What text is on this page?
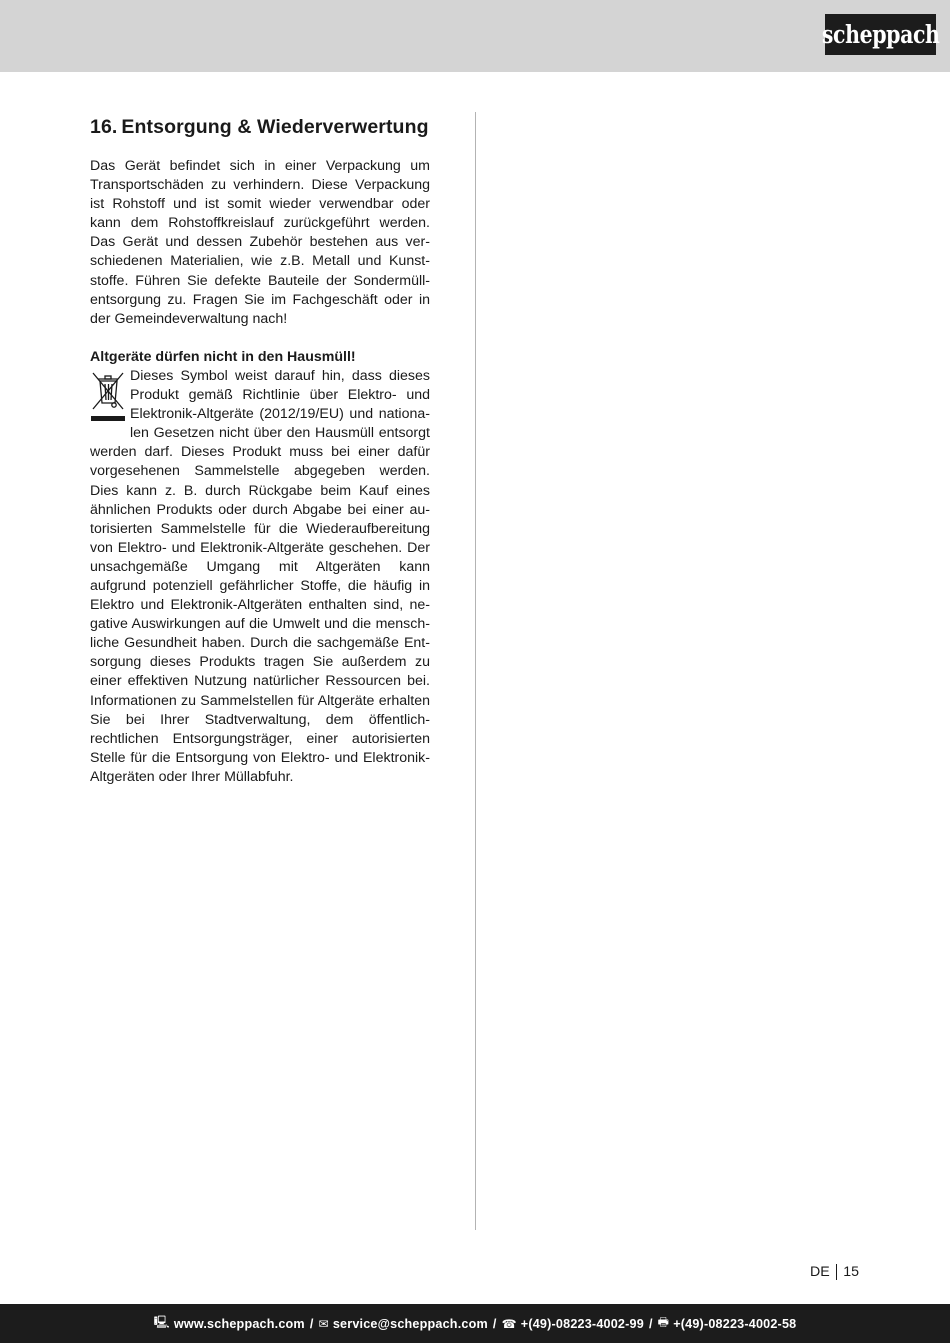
scheppach
16. Entsorgung & Wiederverwertung

Das Gerät befindet sich in einer Verpackung um Transportschäden zu verhindern. Diese Verpackung ist Rohstoff und ist somit wieder verwendbar oder kann dem Rohstoffkreislauf zurückgeführt werden. Das Gerät und dessen Zubehör bestehen aus verschiedenen Materialien, wie z.B. Metall und Kunststoffe. Führen Sie defekte Bauteile der Sondermüllentsorgung zu. Fragen Sie im Fachgeschäft oder in der Gemeindeverwaltung nach!

Altgeräte dürfen nicht in den Hausmüll!

Dieses Symbol weist darauf hin, dass dieses Produkt gemäß Richtlinie über Elektro- und Elektronik-Altgeräte (2012/19/EU) und nationalen Gesetzen nicht über den Hausmüll entsorgt werden darf. Dieses Produkt muss bei einer dafür vorgesehenen Sammelstelle abgegeben werden. Dies kann z. B. durch Rückgabe beim Kauf eines ähnlichen Produkts oder durch Abgabe bei einer autorisierten Sammelstelle für die Wiederaufbereitung von Elektro- und Elektronik-Altgeräte geschehen. Der unsachgemäße Umgang mit Altgeräten kann aufgrund potenziell gefährlicher Stoffe, die häufig in Elektro und Elektronik-Altgeräten enthalten sind, negative Auswirkungen auf die Umwelt und die menschliche Gesundheit haben. Durch die sachgemäße Entsorgung dieses Produkts tragen Sie außerdem zu einer effektiven Nutzung natürlicher Ressourcen bei. Informationen zu Sammelstellen für Altgeräte erhalten Sie bei Ihrer Stadtverwaltung, dem öffentlich-rechtlichen Entsorgungsträger, einer autorisierten Stelle für die Entsorgung von Elektro- und Elektronik-Altgeräten oder Ihrer Müllabfuhr.

DE 15
🖳 www.scheppach.com / ✉ service@scheppach.com / ☎ +(49)-08223-4002-99 / 🖶 +(49)-08223-4002-58
